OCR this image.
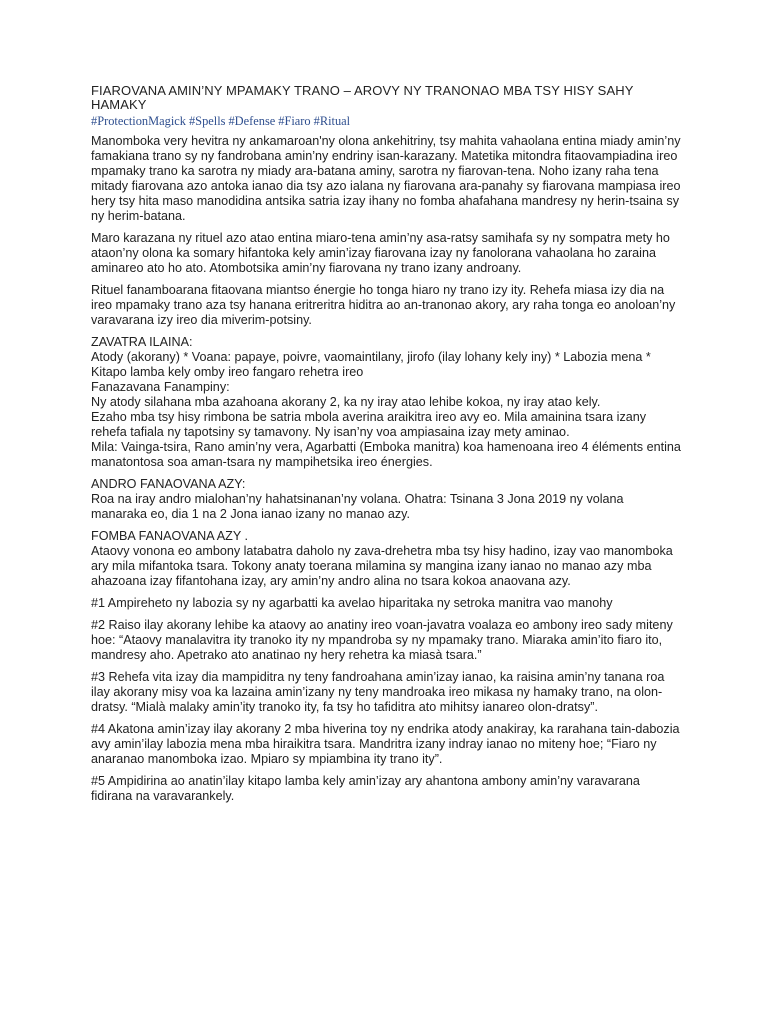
FIAROVANA AMIN’NY MPAMAKY TRANO – AROVY NY TRANONAO MBA TSY HISY SAHY HAMAKY
#ProtectionMagick #Spells #Defense #Fiaro #Ritual

Manomboka very hevitra ny ankamaroan'ny olona ankehitriny, tsy mahita vahaolana entina miady amin’ny famakiana trano sy ny fandrobana amin’ny endriny isan-karazany. Matetika mitondra fitaovampiadina ireo mpamaky trano ka sarotra ny miady ara-batana aminy, sarotra ny fiarovan-tena. Noho izany raha tena mitady fiarovana azo antoka ianao dia tsy azo ialana ny fiarovana ara-panahy sy fiarovana mampiasa ireo hery tsy hita maso manodidina antsika satria izay ihany no fomba ahafahana mandresy ny herin-tsaina sy ny herim-batana.

Maro karazana ny rituel azo atao entina miaro-tena amin’ny asa-ratsy samihafa sy ny sompatra mety ho ataon’ny olona ka somary hifantoka kely amin’izay fiarovana izay ny fanolorana vahaolana ho zaraina aminareo ato ho ato. Atombotsika amin’ny fiarovana ny trano izany androany.

Rituel fanamboarana fitaovana miantso énergie ho tonga hiaro ny trano izy ity. Rehefa miasa izy dia na ireo mpamaky trano aza tsy hanana eritreritra hiditra ao an-tranonao akory, ary raha tonga eo anoloan’ny varavarana izy ireo dia miverim-potsiny.

ZAVATRA ILAINA:

Atody (akorany) * Voana: papaye, poivre, vaomaintilany, jirofo (ilay lohany kely iny) * Labozia mena * Kitapo lamba kely omby ireo fangaro rehetra ireo

Fanazavana Fanampiny:

Ny atody silahana mba azahoana akorany 2, ka ny iray atao lehibe kokoa, ny iray atao kely.

Ezaho mba tsy hisy rimbona be satria mbola averina araikitra ireo avy eo. Mila amainina tsara izany rehefa tafiala ny tapotsiny sy tamavony. Ny isan’ny voa ampiasaina izay mety aminao.

Mila: Vainga-tsira, Rano amin’ny vera, Agarbatti (Emboka manitra) koa hamenoana ireo 4 éléments entina manatontosa soa aman-tsara ny mampihetsika ireo énergies.

ANDRO FANAOVANA AZY:

Roa na iray andro mialohan’ny hahatsinanan’ny volana. Ohatra: Tsinana 3 Jona 2019 ny volana manaraka eo, dia 1 na 2 Jona ianao izany no manao azy.

FOMBA FANAOVANA AZY .

Ataovy vonona eo ambony latabatra daholo ny zava-drehetra mba tsy hisy hadino, izay vao manomboka ary mila mifantoka tsara. Tokony anaty toerana milamina sy mangina izany ianao no manao azy mba ahazoana izay fifantohana izay, ary amin’ny andro alina no tsara kokoa anaovana azy.

#1 Ampireheto ny labozia sy ny agarbatti ka avelao hiparitaka ny setroka manitra vao manohy

#2 Raiso ilay akorany lehibe ka ataovy ao anatiny ireo voan-javatra voalaza eo ambony ireo sady miteny hoe: “Ataovy manalavitra ity tranoko ity ny mpandroba sy ny mpamaky trano. Miaraka amin’ito fiaro ito, mandresy aho. Apetrako ato anatinao ny hery rehetra ka miasà tsara.”

#3 Rehefa vita izay dia mampiditra ny teny fandroahana amin’izay ianao, ka raisina amin’ny tanana roa ilay akorany misy voa ka lazaina amin’izany ny teny mandroaka ireo mikasa ny hamaky trano, na olon-dratsy. “Mialà malaky amin’ity tranoko ity, fa tsy ho tafiditra ato mihitsy ianareo olon-dratsy”.

#4 Akatona amin’izay ilay akorany 2 mba hiverina toy ny endrika atody anakiray, ka rarahana tain-dabozia avy amin’ilay labozia mena mba hiraikitra tsara. Mandritra izany indray ianao no miteny hoe; “Fiaro ny anaranao manomboka izao. Mpiaro sy mpiambina ity trano ity”.

#5 Ampidirina ao anatin’ilay kitapo lamba kely amin’izay ary ahantona ambony amin’ny varavarana fidirana na varavarankely.
